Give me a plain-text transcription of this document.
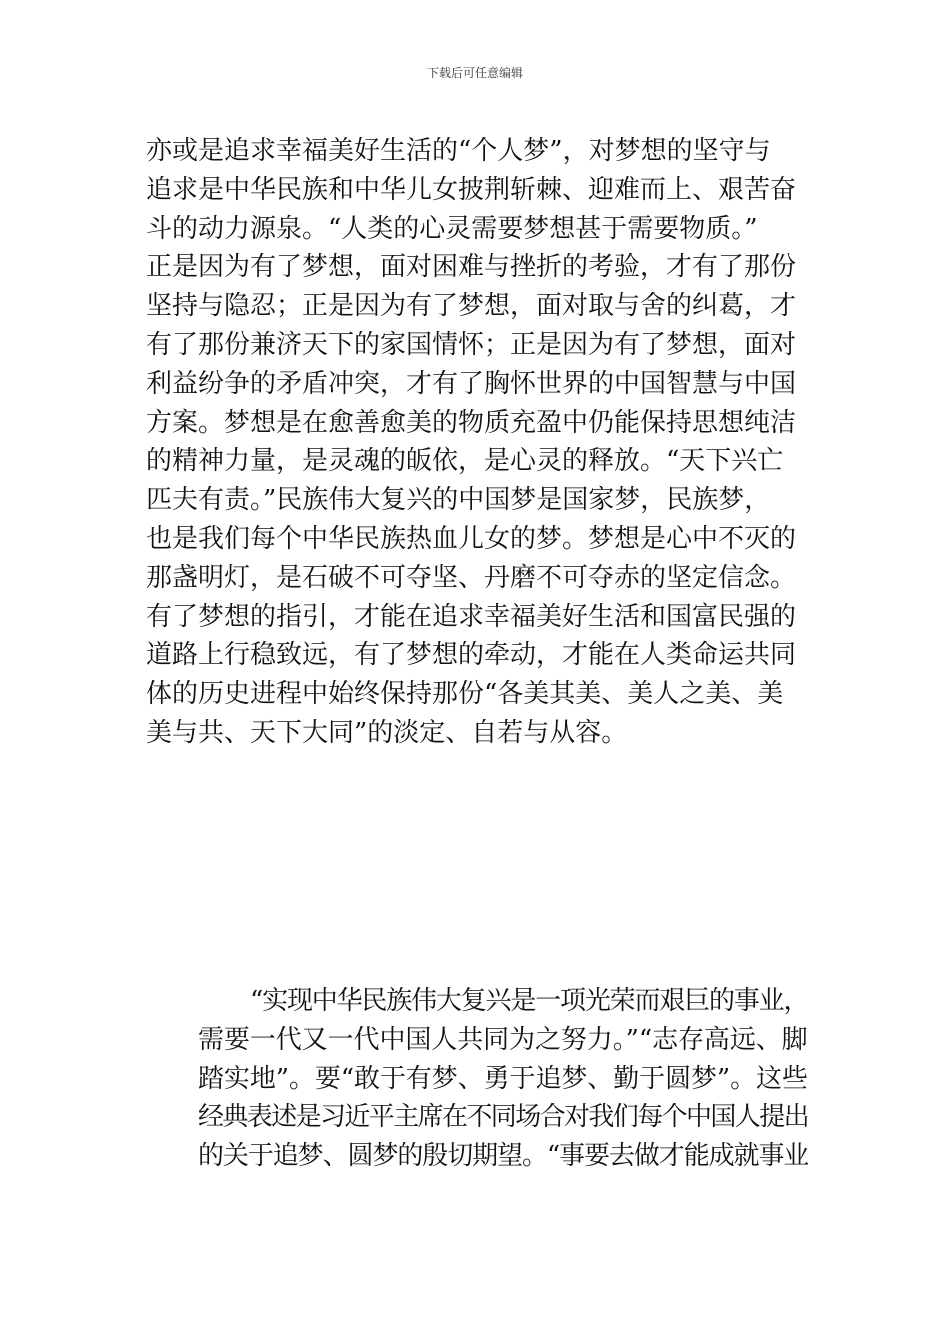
下载后可任意编辑
亦或是追求幸福美好生活的“个人梦”，对梦想的坚守与
追求是中华民族和中华儿女披荆斩棘、迎难而上、艰苦奋
斗的动力源泉。“人类的心灵需要梦想甚于需要物质。”
正是因为有了梦想，面对困难与挫折的考验，才有了那份
坚持与隐忍；正是因为有了梦想，面对取与舍的纠葛，才
有了那份兼济天下的家国情怀；正是因为有了梦想，面对
利益纷争的矛盾冲突，才有了胸怀世界的中国智慧与中国
方案。梦想是在愈善愈美的物质充盈中仍能保持思想纯洁
的精神力量，是灵魂的皈依，是心灵的释放。“天下兴亡
匹夫有责。”民族伟大复兴的中国梦是国家梦，民族梦，
也是我们每个中华民族热血儿女的梦。梦想是心中不灭的
那盏明灯，是石破不可夺坚、丹磨不可夺赤的坚定信念。
有了梦想的指引，才能在追求幸福美好生活和国富民强的
道路上行稳致远，有了梦想的牵动，才能在人类命运共同
体的历史进程中始终保持那份“各美其美、美人之美、美
美与共、天下大同”的淡定、自若与从容。
“实现中华民族伟大复兴是一项光荣而艰巨的事业，
需要一代又一代中国人共同为之努力。”“志存高远、脚
踏实地”。要“敢于有梦、勇于追梦、勤于圆梦”。这些
经典表述是习近平主席在不同场合对我们每个中国人提出
的关于追梦、圆梦的殷切期望。“事要去做才能成就事业
